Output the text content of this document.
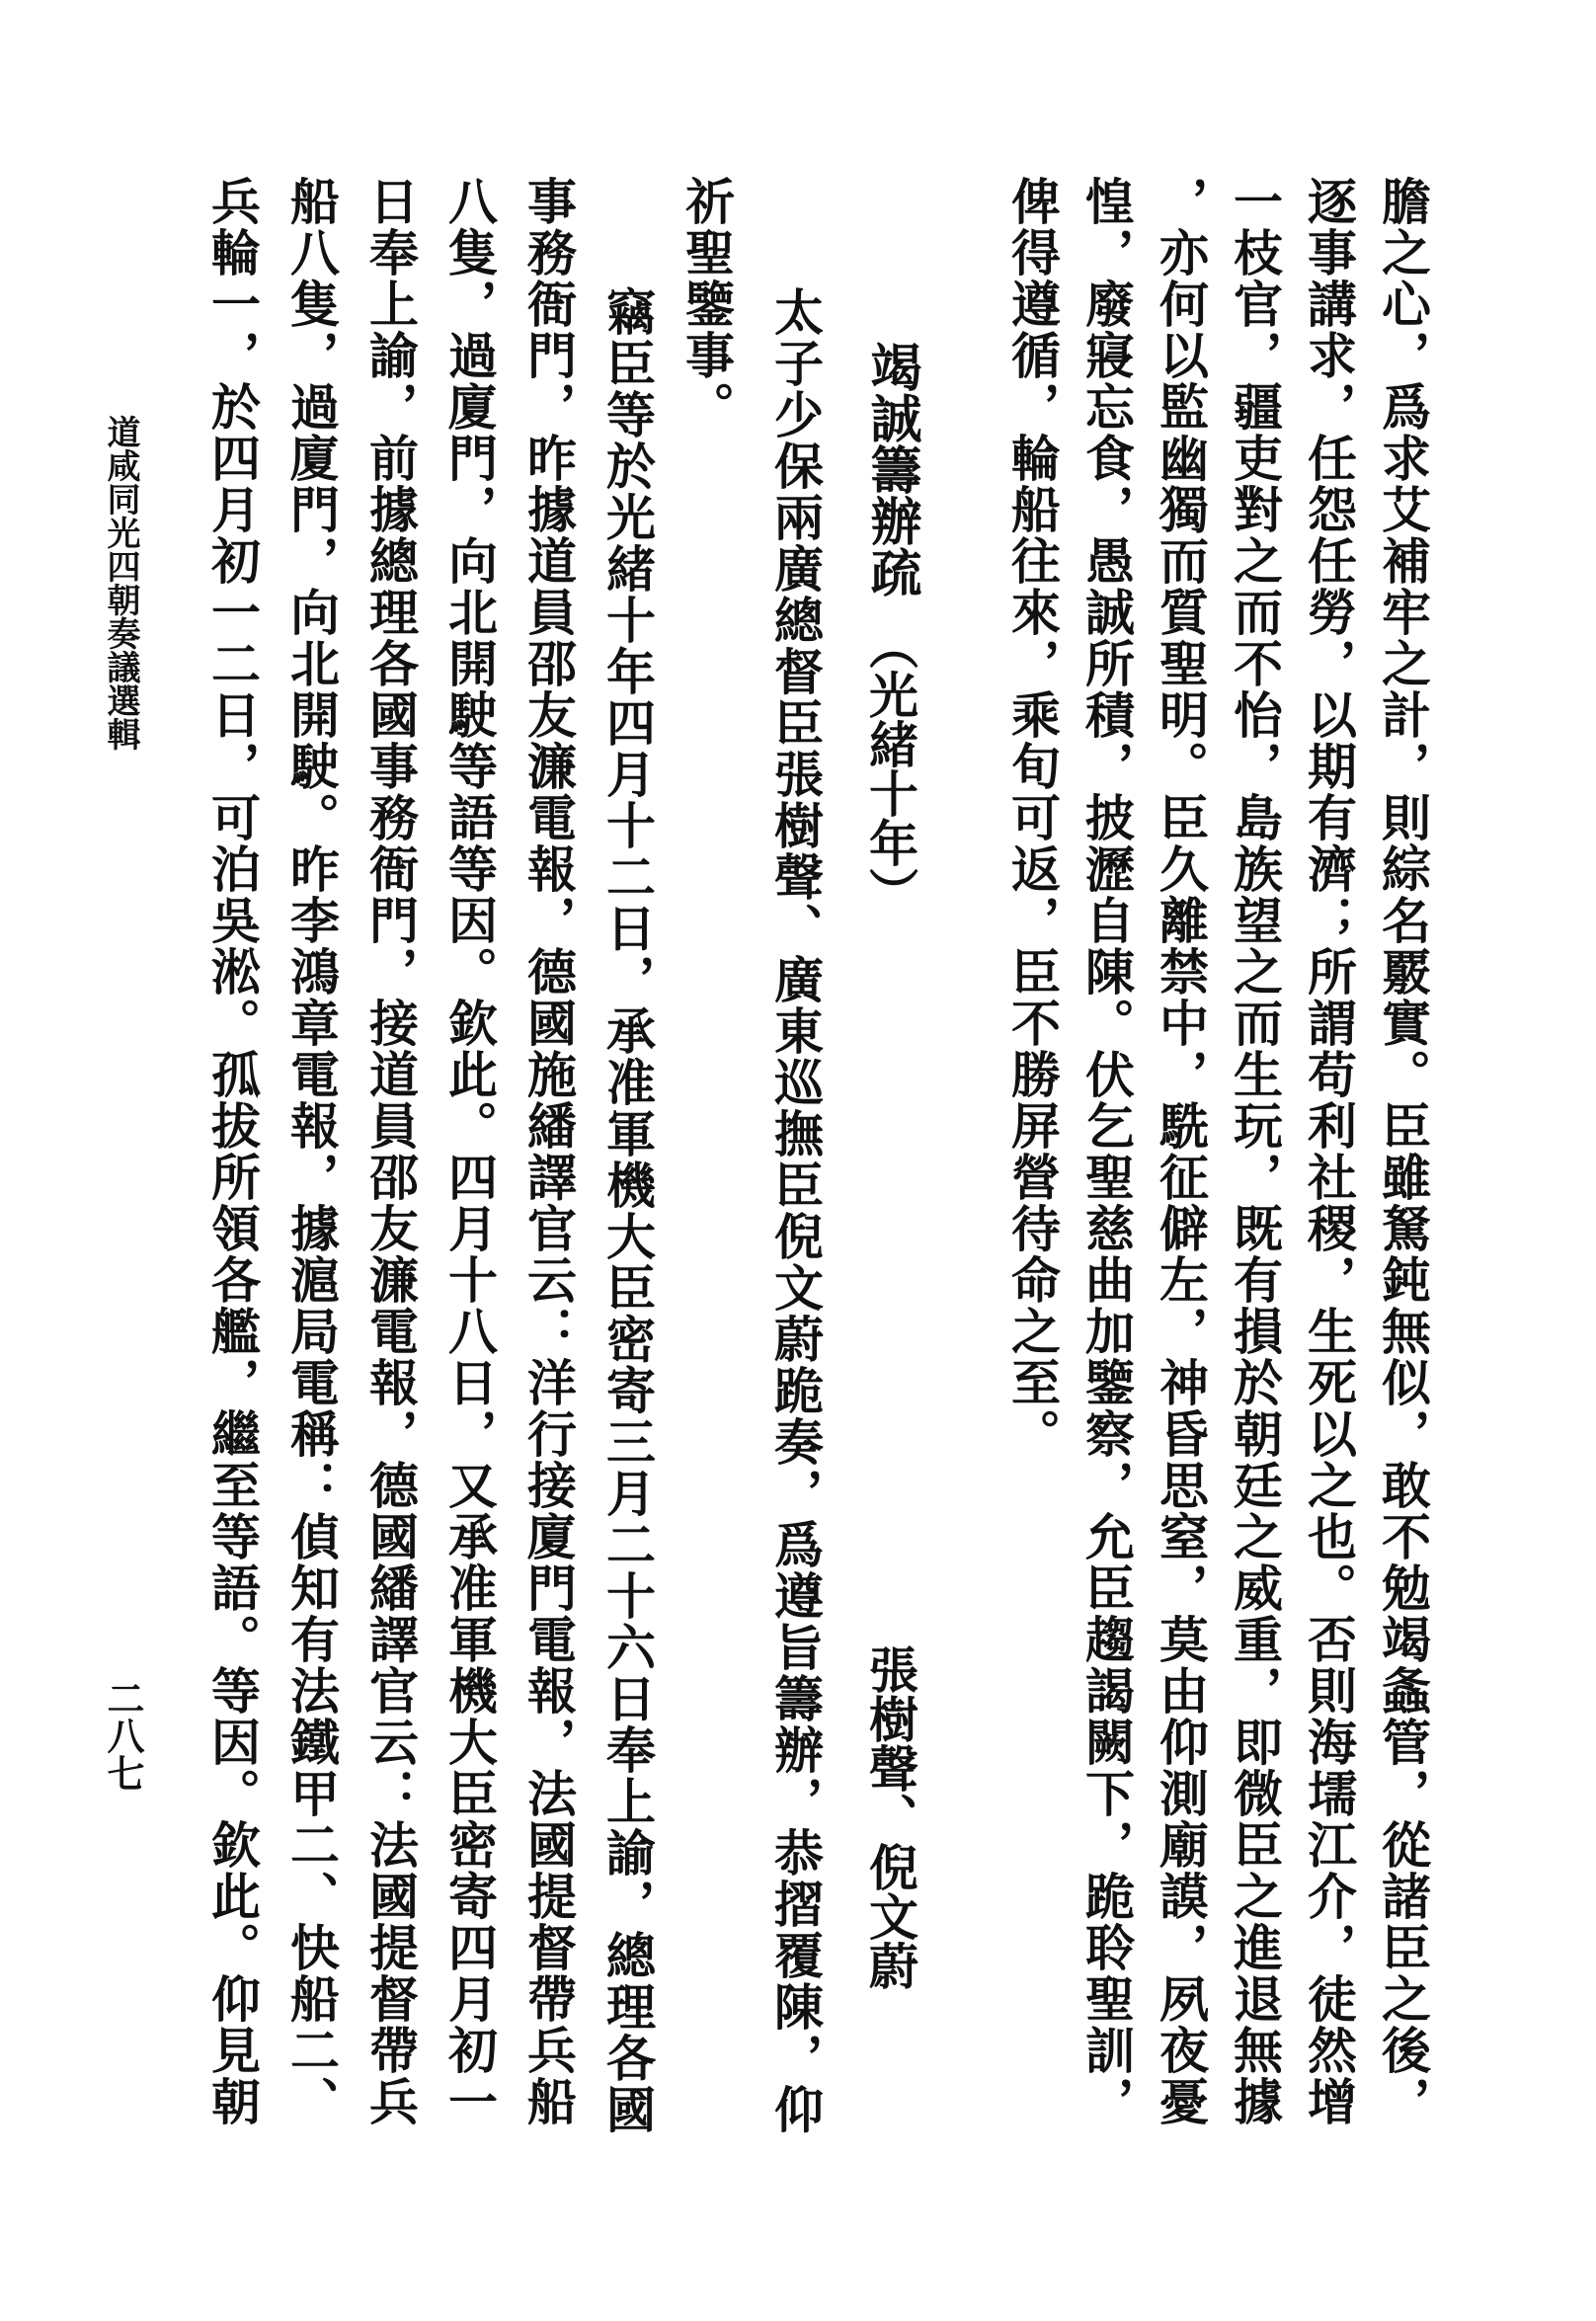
膽之心，爲求艾補牢之計，則綜名覈實。臣雖駑鈍無似，敢不勉竭螽管，從諸臣之後，
逐事講求，任怨任勞，以期有濟；所謂苟利社稷，生死以之也。否則海壖江介，徒然增
一枝官，疆吏對之而不怡，島族望之而生玩，既有損於朝廷之威重，即微臣之進退無據
，亦何以監幽獨而質聖明。臣久離禁中，駪征僻左，神昏思窒，莫由仰測廟謨，夙夜憂
惶，廢寢忘食，愚誠所積，披瀝自陳。伏乞聖慈曲加鑒察，允臣趨謁闕下，跪聆聖訓，
俾得遵循，輪船往來，乘旬可返，臣不勝屏營待命之至。
竭誠籌辦疏
（光緒十年）
張樹聲、倪文蔚
太子少保兩廣總督臣張樹聲、廣東巡撫臣倪文蔚跪奏，爲遵旨籌辦，恭摺覆陳，仰
祈聖鑒事。
竊臣等於光緒十年四月十二日，承准軍機大臣密寄三月二十六日奉上諭，總理各國
事務衙門，昨據道員邵友濂電報，德國施繙譯官云：洋行接廈門電報，法國提督帶兵船
八隻，過廈門，向北開駛等語等因。欽此。四月十八日，又承准軍機大臣密寄四月初一
日奉上諭，前據總理各國事務衙門，接道員邵友濂電報，德國繙譯官云：法國提督帶兵
船八隻，過廈門，向北開駛。昨李鴻章電報，據滬局電稱：偵知有法鐵甲二、快船二、
兵輪一，於四月初一二日，可泊吳淞。孤拔所領各艦，繼至等語。等因。欽此。仰見朝
道咸同光四朝奏議選輯
二八七
